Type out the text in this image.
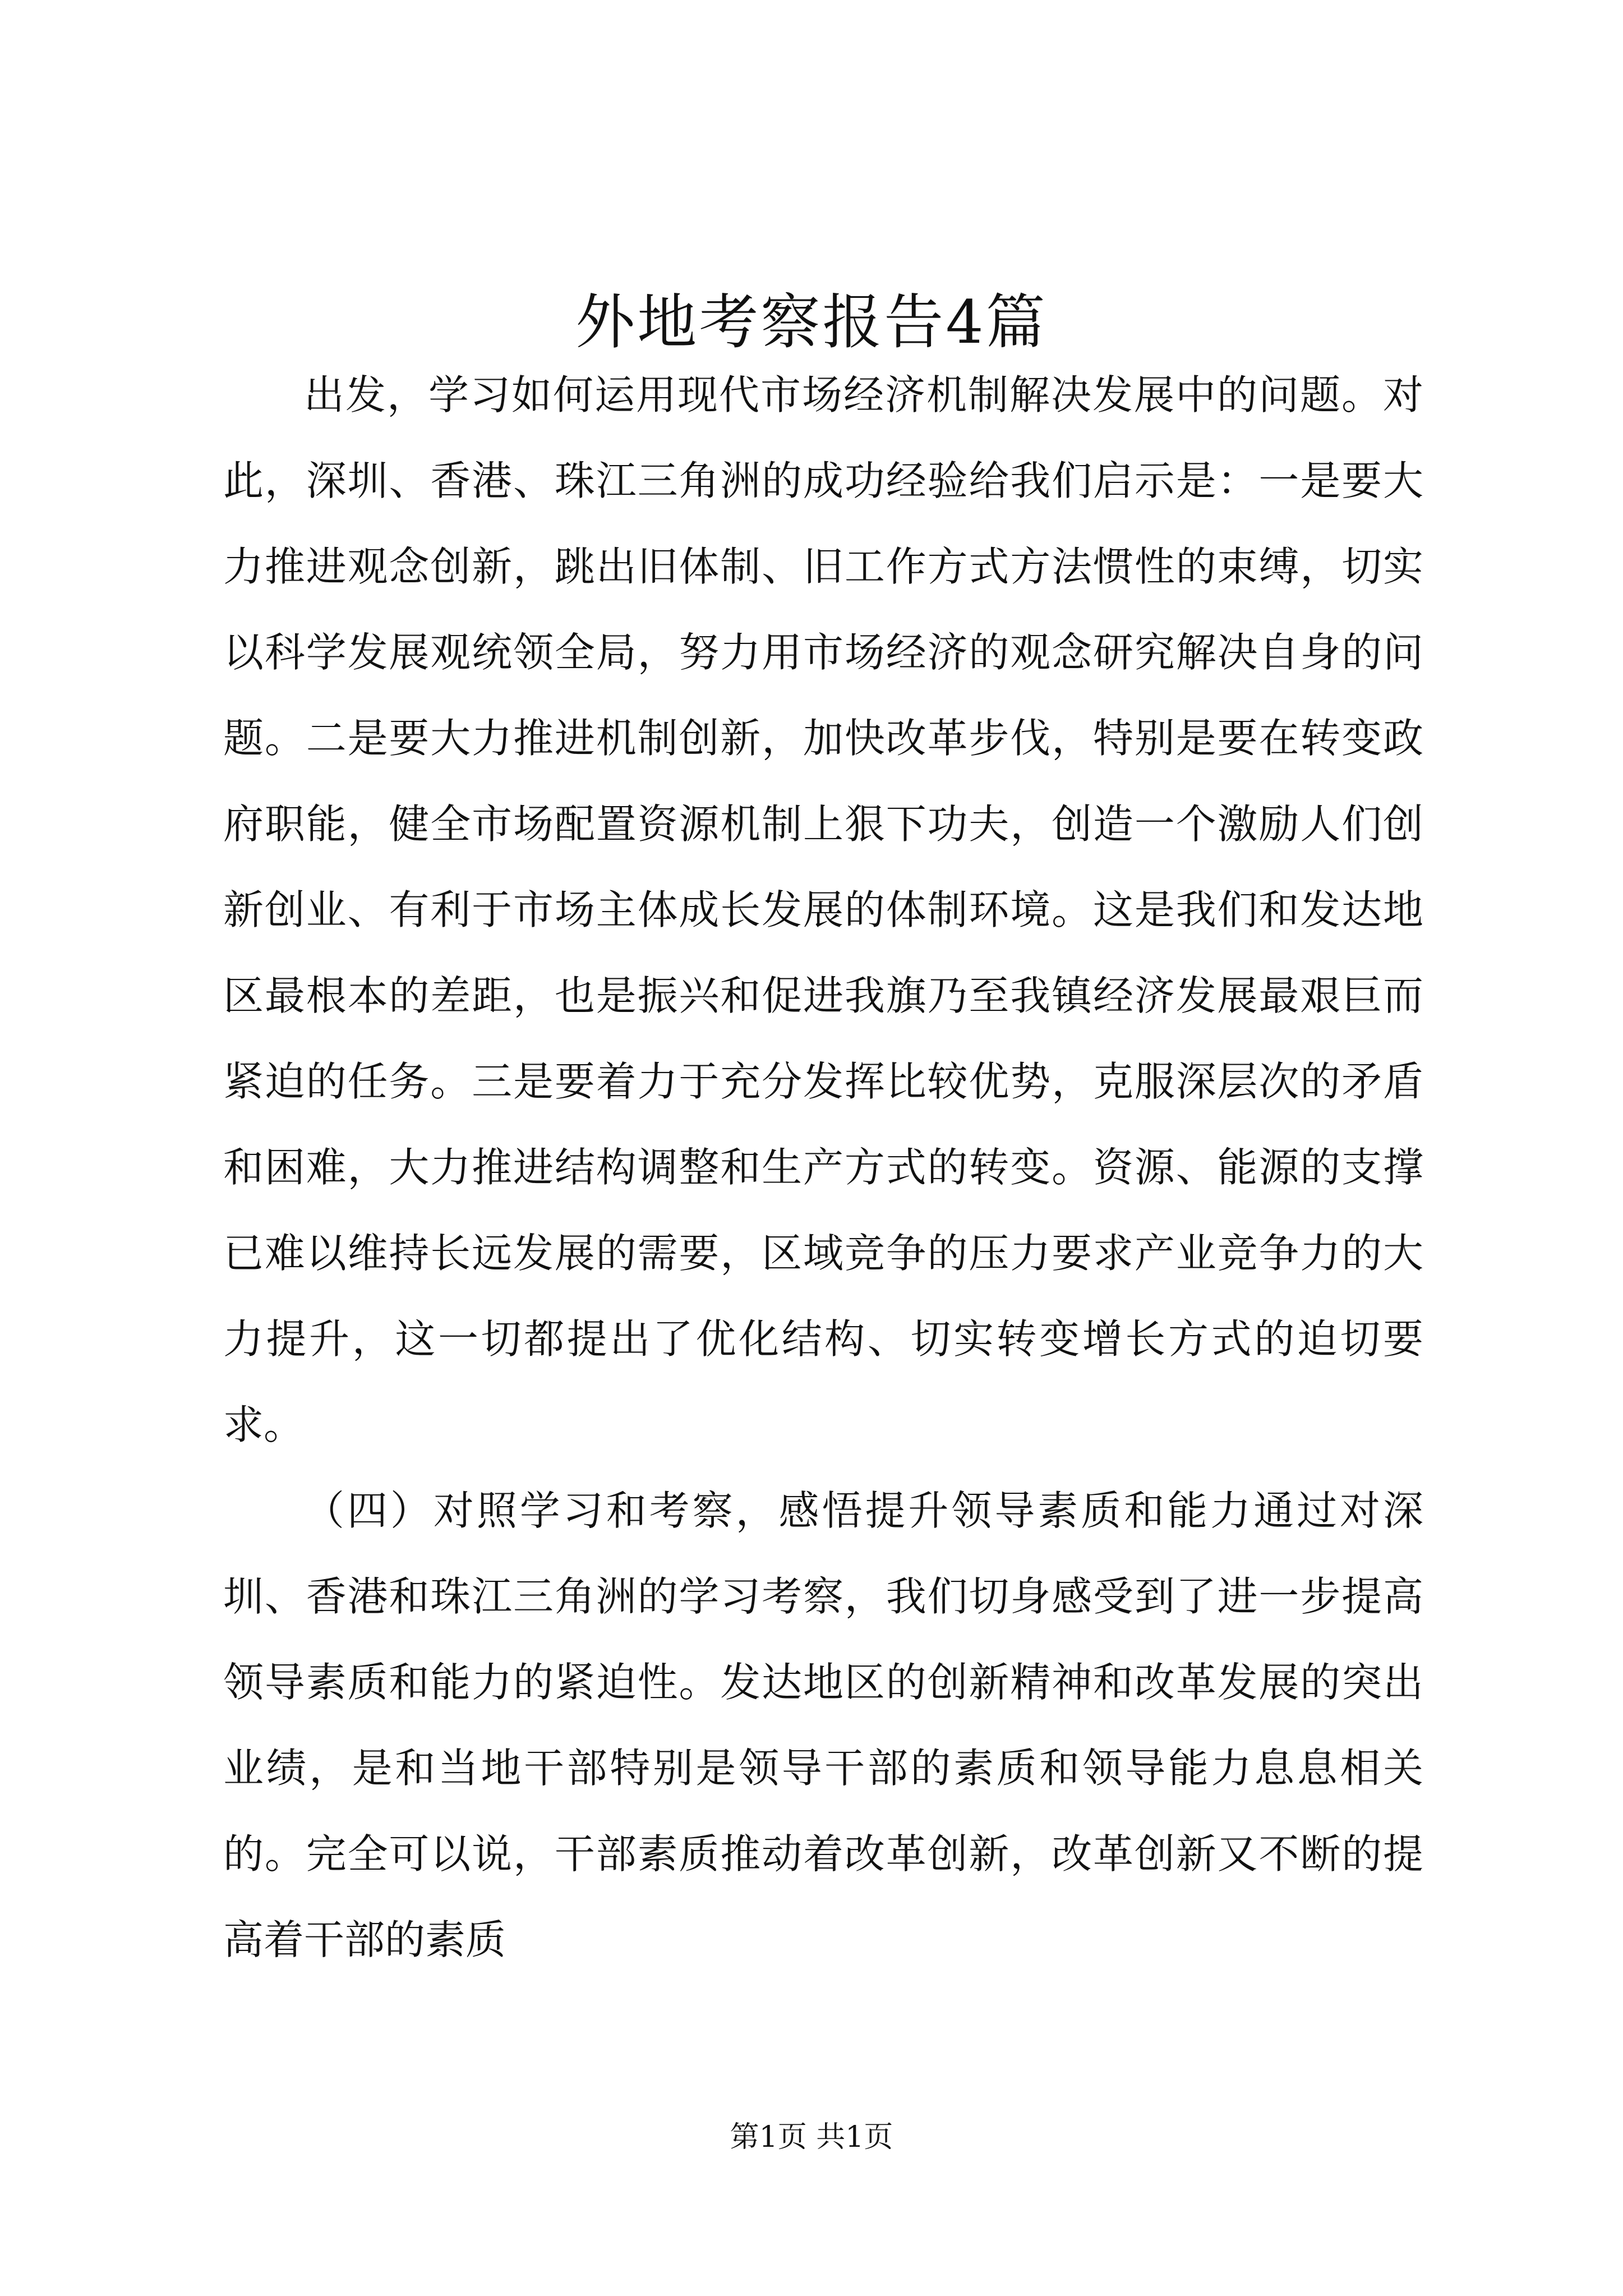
外地考察报告4篇

出发，学习如何运用现代市场经济机制解决发展中的问题。对此，深圳、香港、珠江三角洲的成功经验给我们启示是：一是要大力推进观念创新，跳出旧体制、旧工作方式方法惯性的束缚，切实以科学发展观统领全局，努力用市场经济的观念研究解决自身的问题。二是要大力推进机制创新，加快改革步伐，特别是要在转变政府职能，健全市场配置资源机制上狠下功夫，创造一个激励人们创新创业、有利于市场主体成长发展的体制环境。这是我们和发达地区最根本的差距，也是振兴和促进我旗乃至我镇经济发展最艰巨而紧迫的任务。三是要着力于充分发挥比较优势，克服深层次的矛盾和困难，大力推进结构调整和生产方式的转变。资源、能源的支撑已难以维持长远发展的需要，区域竞争的压力要求产业竞争力的大力提升，这一切都提出了优化结构、切实转变增长方式的迫切要求。

（四）对照学习和考察，感悟提升领导素质和能力通过对深圳、香港和珠江三角洲的学习考察，我们切身感受到了进一步提高领导素质和能力的紧迫性。发达地区的创新精神和改革发展的突出业绩，是和当地干部特别是领导干部的素质和领导能力息息相关的。完全可以说，干部素质推动着改革创新，改革创新又不断的提高着干部的素质

第1页 共1页
